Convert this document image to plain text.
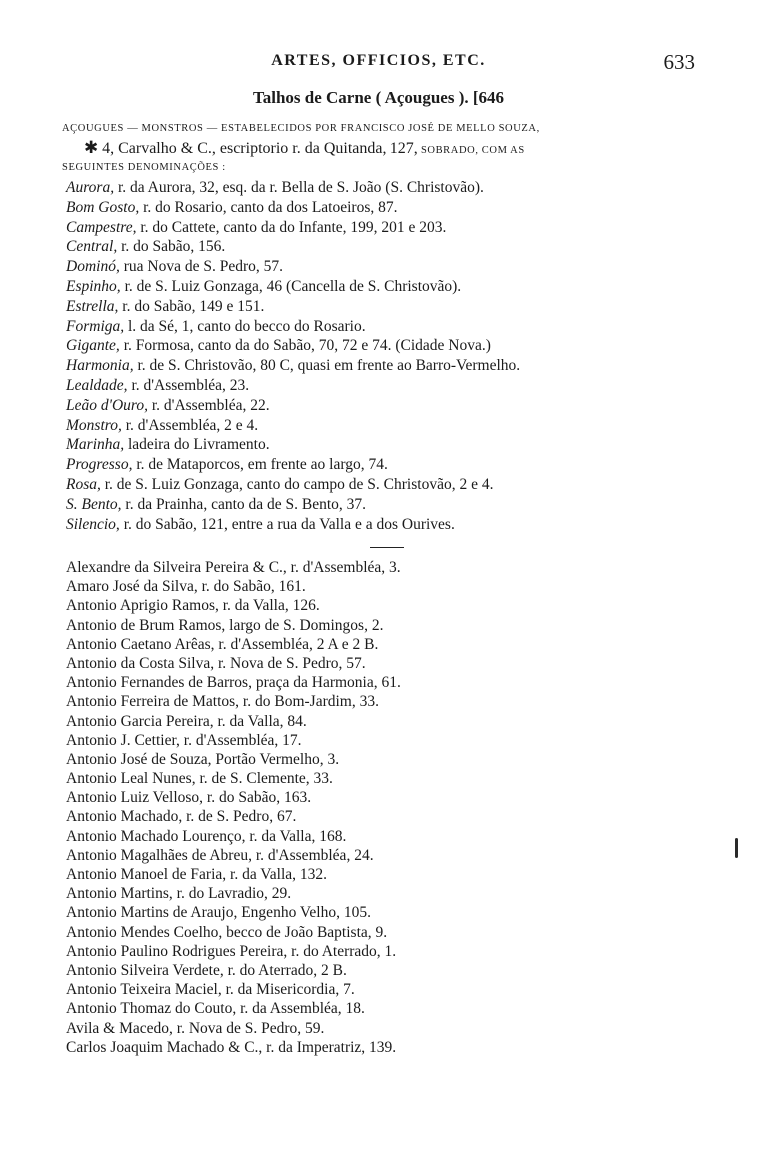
ARTES, OFFICIOS, ETC.	633
Talhos de Carne ( Açougues ). [646
AÇOUGUES — MONSTROS — ESTABELECIDOS POR FRANCISCO JOSÉ DE MELLO SOUZA,
✱ 4, Carvalho & C., escriptorio r. da Quitanda, 127, SOBRADO, COM AS
SEGUINTES DENOMINAÇÕES :
Aurora, r. da Aurora, 32, esq. da r. Bella de S. João (S. Christovão).
Bom Gosto, r. do Rosario, canto da dos Latoeiros, 87.
Campestre, r. do Cattete, canto da do Infante, 199, 201 e 203.
Central, r. do Sabão, 156.
Dominó, rua Nova de S. Pedro, 57.
Espinho, r. de S. Luiz Gonzaga, 46 (Cancella de S. Christovão).
Estrella, r. do Sabão, 149 e 151.
Formiga, l. da Sé, 1, canto do becco do Rosario.
Gigante, r. Formosa, canto da do Sabão, 70, 72 e 74. (Cidade Nova.)
Harmonia, r. de S. Christovão, 80 C, quasi em frente ao Barro-Vermelho.
Lealdade, r. d'Assembléa, 23.
Leão d'Ouro, r. d'Assembléa, 22.
Monstro, r. d'Assembléa, 2 e 4.
Marinha, ladeira do Livramento.
Progresso, r. de Mataporcos, em frente ao largo, 74.
Rosa, r. de S. Luiz Gonzaga, canto do campo de S. Christovão, 2 e 4.
S. Bento, r. da Prainha, canto da de S. Bento, 37.
Silencio, r. do Sabão, 121, entre a rua da Valla e a dos Ourives.
Alexandre da Silveira Pereira & C., r. d'Assembléa, 3.
Amaro José da Silva, r. do Sabão, 161.
Antonio Aprigio Ramos, r. da Valla, 126.
Antonio de Brum Ramos, largo de S. Domingos, 2.
Antonio Caetano Arêas, r. d'Assembléa, 2 A e 2 B.
Antonio da Costa Silva, r. Nova de S. Pedro, 57.
Antonio Fernandes de Barros, praça da Harmonia, 61.
Antonio Ferreira de Mattos, r. do Bom-Jardim, 33.
Antonio Garcia Pereira, r. da Valla, 84.
Antonio J. Cettier, r. d'Assembléa, 17.
Antonio José de Souza, Portão Vermelho, 3.
Antonio Leal Nunes, r. de S. Clemente, 33.
Antonio Luiz Velloso, r. do Sabão, 163.
Antonio Machado, r. de S. Pedro, 67.
Antonio Machado Lourenço, r. da Valla, 168.
Antonio Magalhães de Abreu, r. d'Assembléa, 24.
Antonio Manoel de Faria, r. da Valla, 132.
Antonio Martins, r. do Lavradio, 29.
Antonio Martins de Araujo, Engenho Velho, 105.
Antonio Mendes Coelho, becco de João Baptista, 9.
Antonio Paulino Rodrigues Pereira, r. do Aterrado, 1.
Antonio Silveira Verdete, r. do Aterrado, 2 B.
Antonio Teixeira Maciel, r. da Misericordia, 7.
Antonio Thomaz do Couto, r. da Assembléa, 18.
Avila & Macedo, r. Nova de S. Pedro, 59.
Carlos Joaquim Machado & C., r. da Imperatriz, 139.
